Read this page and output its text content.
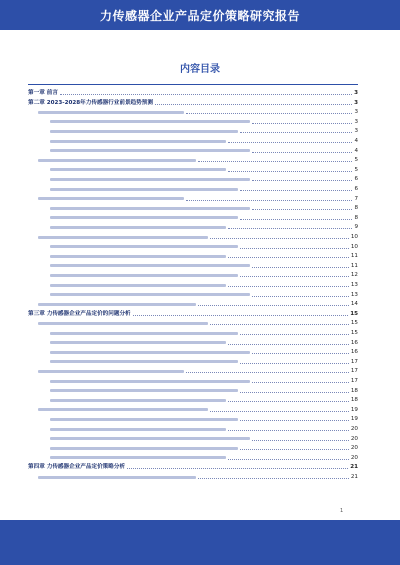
力传感器企业产品定价策略研究报告
内容目录
第一章 前言	3
第二章 2023-2028年力传感器行业前景趋势预测	3
3
3
3
4
4
5
5
6
6
7
8
8
9
10
10
11
11
12
13
13
14
第三章 力传感器企业产品定价的问题分析	15
15
15
16
16
17
17
17
18
18
19
19
20
20
20
20
第四章 力传感器企业产品定价策略分析	21
21
1
